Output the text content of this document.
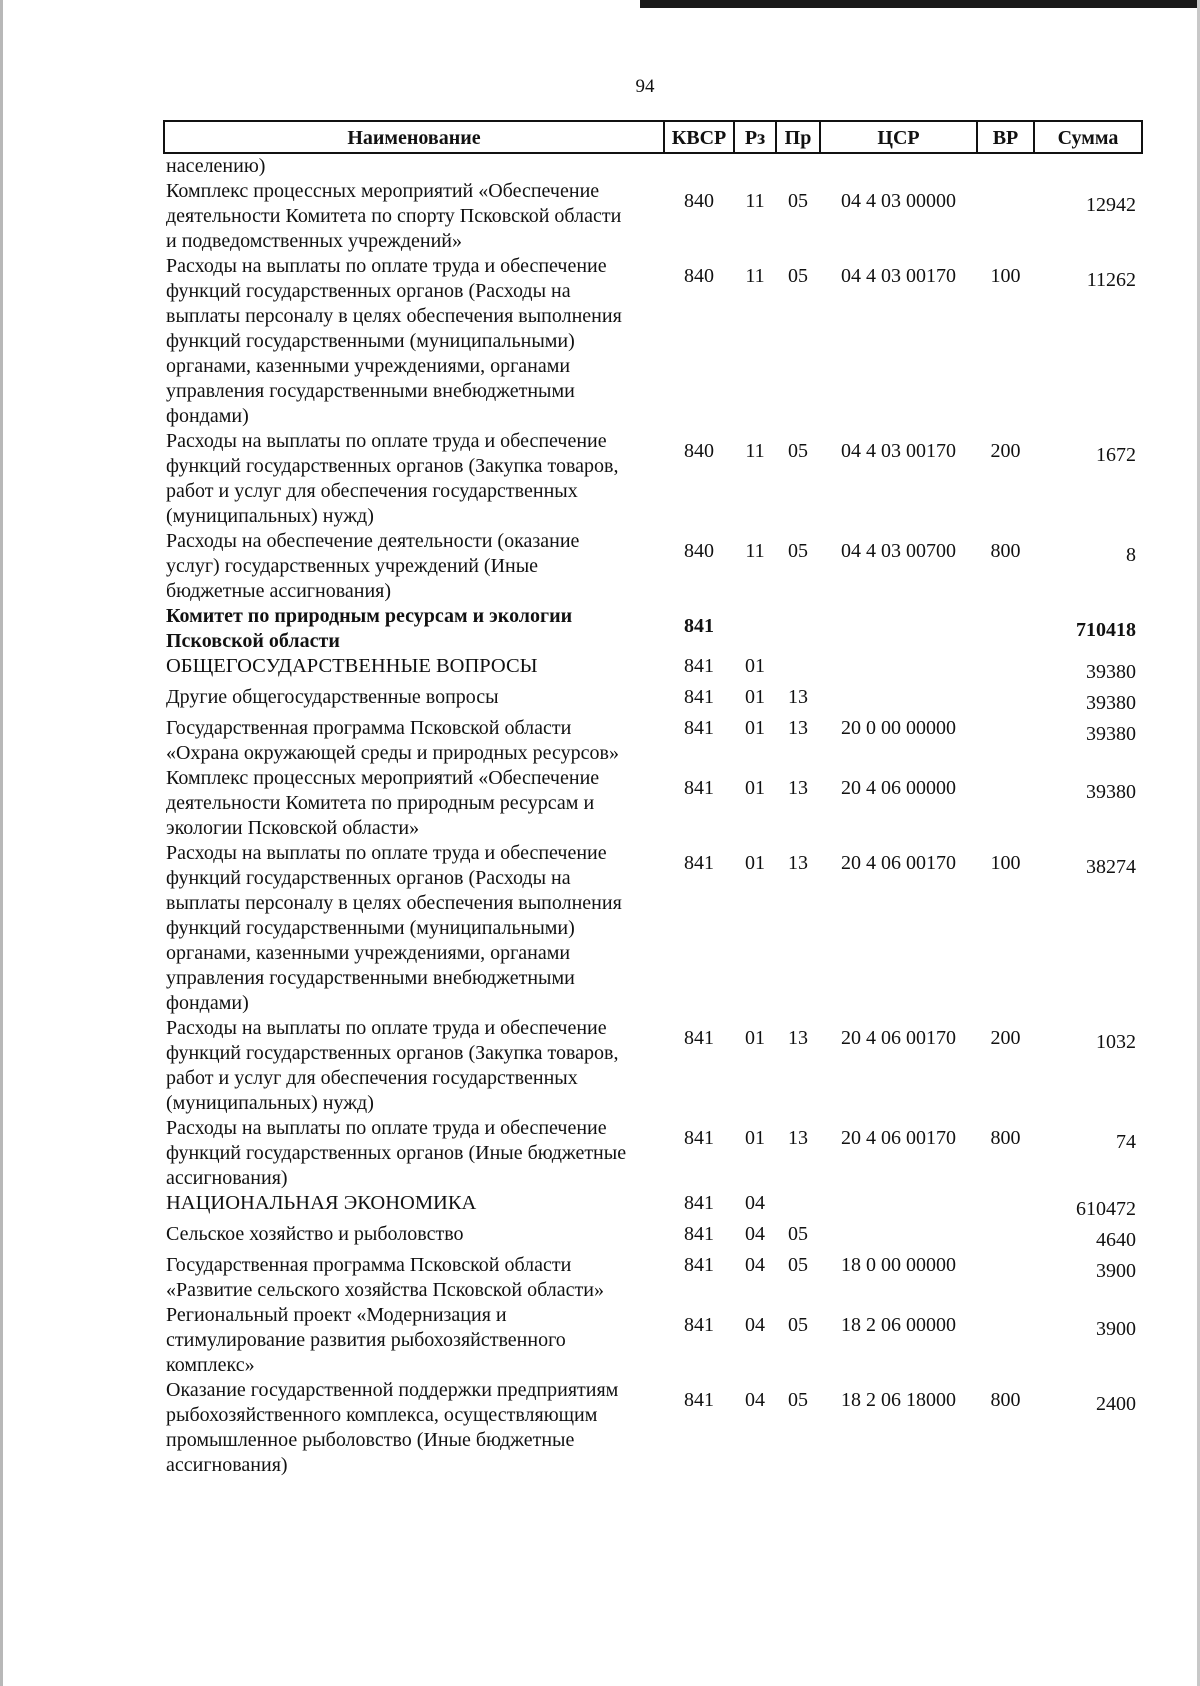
94
Наименование	КВСР	Рз	Пр	ЦСР	ВР	Сумма
населению)						
Комплекс процессных мероприятий «Обеспечение деятельности Комитета по спорту Псковской области и подведомственных учреждений»	840	11	05	04 4 03 00000		12942
Расходы на выплаты по оплате труда и обеспечение функций государственных органов (Расходы на выплаты персоналу в целях обеспечения выполнения функций государственными (муниципальными) органами, казенными учреждениями, органами управления государственными внебюджетными фондами)	840	11	05	04 4 03 00170	100	11262
Расходы на выплаты по оплате труда и обеспечение функций государственных органов (Закупка товаров, работ и услуг для обеспечения государственных (муниципальных) нужд)	840	11	05	04 4 03 00170	200	1672
Расходы на обеспечение деятельности (оказание услуг) государственных учреждений (Иные бюджетные ассигнования)	840	11	05	04 4 03 00700	800	8
Комитет по природным ресурсам и экологии Псковской области	841					710418
ОБЩЕГОСУДАРСТВЕННЫЕ ВОПРОСЫ	841	01				39380
Другие общегосударственные вопросы	841	01	13			39380
Государственная программа Псковской области «Охрана окружающей среды и природных ресурсов»	841	01	13	20 0 00 00000		39380
Комплекс процессных мероприятий «Обеспечение деятельности Комитета по природным ресурсам и экологии Псковской области»	841	01	13	20 4 06 00000		39380
Расходы на выплаты по оплате труда и обеспечение функций государственных органов (Расходы на выплаты персоналу в целях обеспечения выполнения функций государственными (муниципальными) органами, казенными учреждениями, органами управления государственными внебюджетными фондами)	841	01	13	20 4 06 00170	100	38274
Расходы на выплаты по оплате труда и обеспечение функций государственных органов (Закупка товаров, работ и услуг для обеспечения государственных (муниципальных) нужд)	841	01	13	20 4 06 00170	200	1032
Расходы на выплаты по оплате труда и обеспечение функций государственных органов (Иные бюджетные ассигнования)	841	01	13	20 4 06 00170	800	74
НАЦИОНАЛЬНАЯ ЭКОНОМИКА	841	04				610472
Сельское хозяйство и рыболовство	841	04	05			4640
Государственная программа Псковской области «Развитие сельского хозяйства Псковской области»	841	04	05	18 0 00 00000		3900
Региональный проект «Модернизация и стимулирование развития рыбохозяйственного комплекс»	841	04	05	18 2 06 00000		3900
Оказание государственной поддержки предприятиям рыбохозяйственного комплекса, осуществляющим промышленное рыболовство (Иные бюджетные ассигнования)	841	04	05	18 2 06 18000	800	2400
